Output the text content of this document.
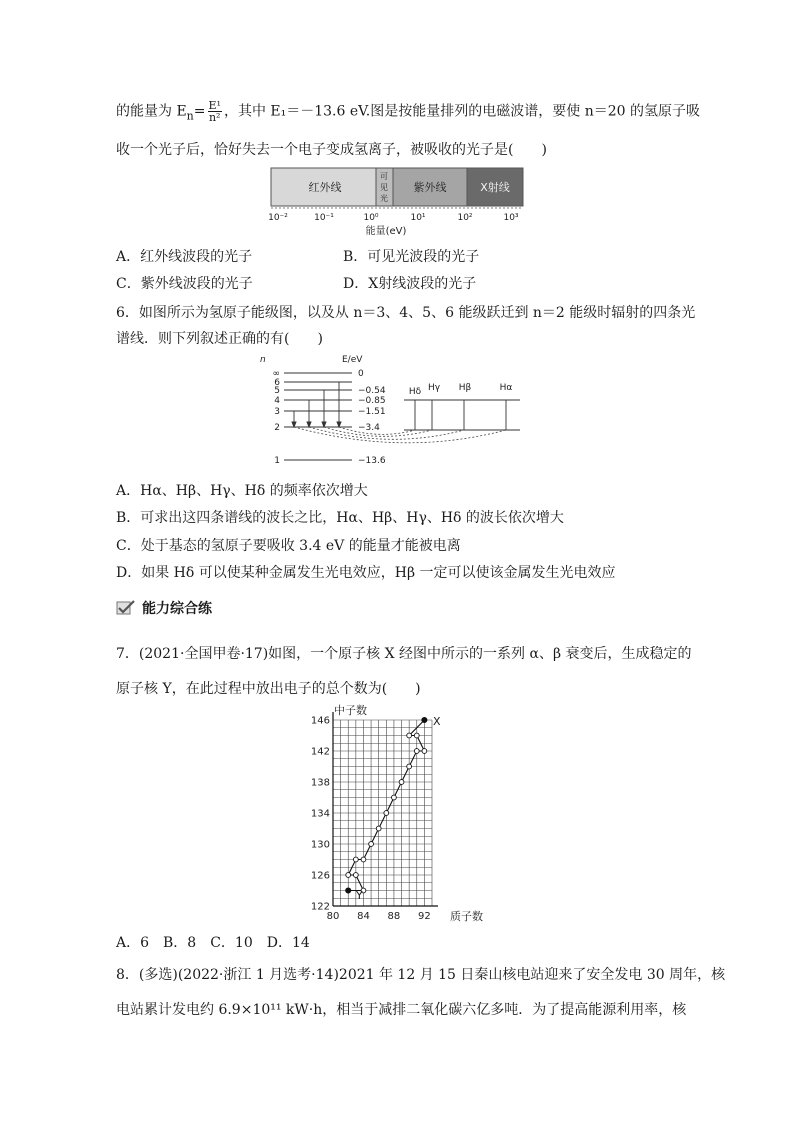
的能量为 $E_n= \frac{\text{E¹}}{\text{n²}}$ ，其中 E₁＝－13.6 eV.图是按能量排列的电磁波谱，要使 n＝20 的氢原子吸
收一个光子后，恰好失去一个电子变成氢离子，被吸收的光子是(　　)
红外线
可
见
光
紫外线	X射线
10⁻²	10⁻¹	10⁰	10¹	10²	10³
能量(eV)
A．红外线波段的光子	B．可见光波段的光子
C．紫外线波段的光子	D．X射线波段的光子
6．如图所示为氢原子能级图，以及从 n＝3、4、5、6 能级跃迁到 n＝2 能级时辐射的四条光
谱线．则下列叙述正确的有(　　)
n	E/eV
∞
6
5
4
3
2
1
0
−0.54
−0.85
−1.51
−3.4
−13.6
Hδ Hγ Hβ	Hα
A．Hα、Hβ、Hγ、Hδ 的频率依次增大
B．可求出这四条谱线的波长之比，Hα、Hβ、Hγ、Hδ 的波长依次增大
C．处于基态的氢原子要吸收 3.4 eV 的能量才能被电离
D．如果 Hδ 可以使某种金属发生光电效应，Hβ 一定可以使该金属发生光电效应
能力综合练
7．(2021·全国甲卷·17)如图，一个原子核 X 经图中所示的一系列 α、β 衰变后，生成稳定的
原子核 Y，在此过程中放出电子的总个数为(　　)
122
126
130
134
138
142
146
80 84 88 92
中子数
质子数
X
Y
A．6　B．8　C．10　D．14
8．(多选)(2022·浙江 1 月选考·14)2021 年 12 月 15 日秦山核电站迎来了安全发电 30 周年，核
电站累计发电约 6.9×10¹¹ kW·h，相当于减排二氧化碳六亿多吨．为了提高能源利用率，核
